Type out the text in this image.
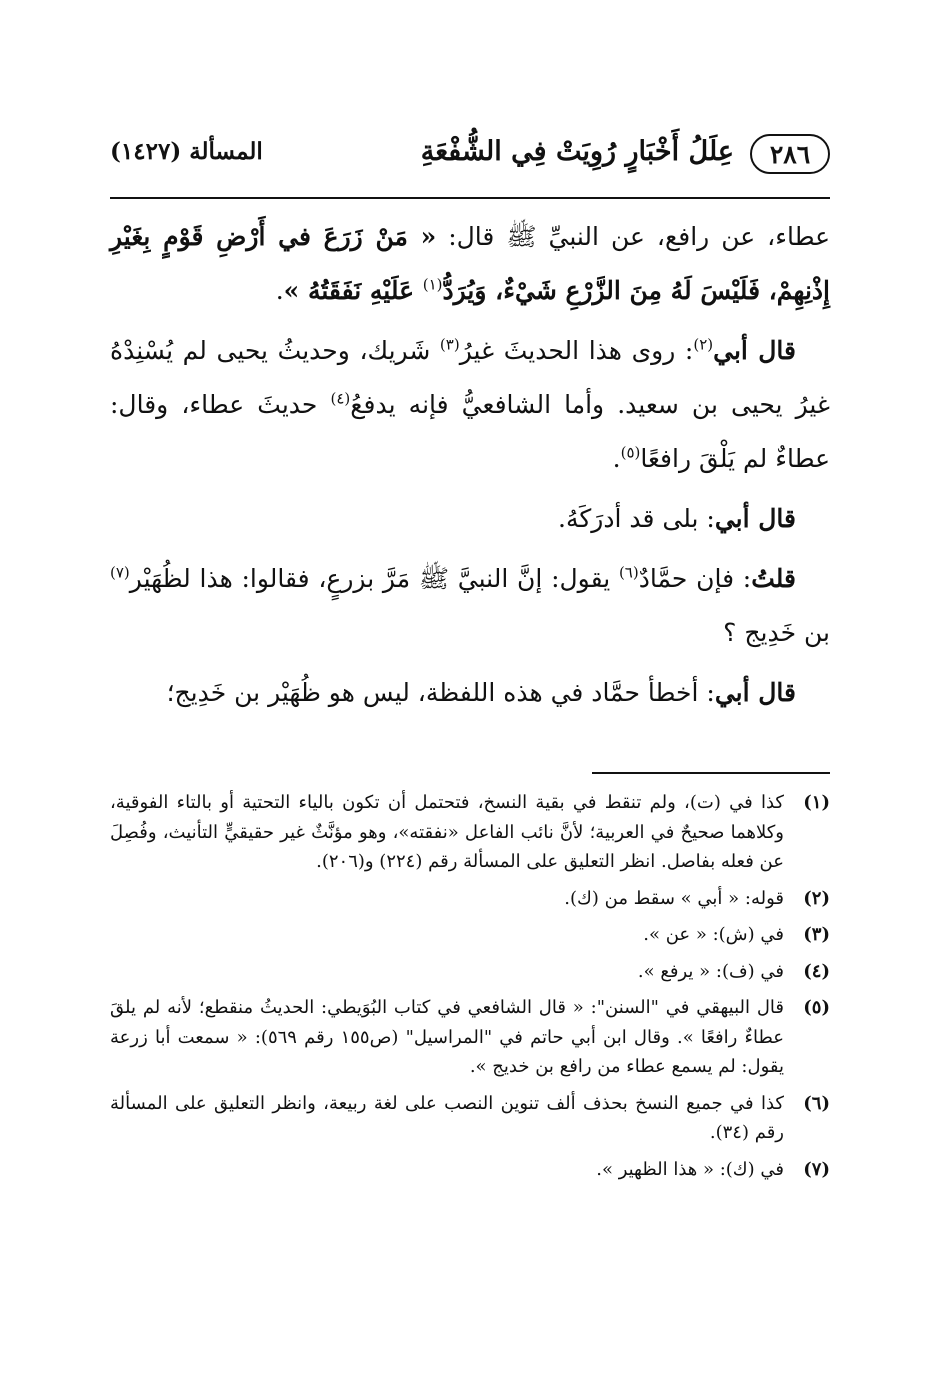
٢٨٦
عِلَلُ أَخْبَارٍ رُوِيَتْ فِي الشُّفْعَةِ
المسألة (١٤٢٧)

عطاء، عن رافع، عن النبيِّ ﷺ قال: « مَنْ زَرَعَ في أَرْضِ قَوْمٍ بِغَيْرِ إِذْنِهِمْ، فَلَيْسَ لَهُ مِنَ الزَّرْعِ شَيْءٌ، وَيُرَدُّ$^{(١)}$ عَلَيْهِ نَفَقَتُهُ ».

قال أبي$^{(٢)}$: روى هذا الحديثَ غيرُ$^{(٣)}$ شَريك، وحديثُ يحيى لم يُسْنِدْهُ غيرُ يحيى بن سعيد. وأما الشافعيُّ فإنه يدفعُ$^{(٤)}$ حديثَ عطاء، وقال: عطاءٌ لم يَلْقَ رافعًا$^{(٥)}$.

قال أبي: بلى قد أدرَكَهُ.

قلتُ: فإن حمَّادٌ$^{(٦)}$ يقول: إنَّ النبيَّ ﷺ مَرَّ بزرعٍ، فقالوا: هذا لظُهَيْر$^{(٧)}$ بن خَدِيج ؟

قال أبي: أخطأ حمَّاد في هذه اللفظة، ليس هو ظُهَيْر بن خَدِيج؛

(١)
كذا في (ت)، ولم تنقط في بقية النسخ، فتحتمل أن تكون بالياء التحتية أو بالتاء الفوقية، وكلاهما صحيحٌ في العربية؛ لأنَّ نائب الفاعل «نفقته»، وهو مؤنَّثٌ غير حقيقيٍّ التأنيث، وفُصِلَ عن فعله بفاصل. انظر التعليق على المسألة رقم (٢٢٤) و(٢٠٦).
(٢)
قوله: « أبي » سقط من (ك).
(٣)
في (ش): « عن ».
(٤)
في (ف): « يرفع ».
(٥)
قال البيهقي في "السنن": « قال الشافعي في كتاب البُوَيطي: الحديثُ منقطع؛ لأنه لم يلقَ عطاءٌ رافعًا ». وقال ابن أبي حاتم في "المراسيل" (ص١٥٥ رقم ٥٦٩): « سمعت أبا زرعة يقول: لم يسمع عطاء من رافع بن خديج ».
(٦)
كذا في جميع النسخ بحذف ألف تنوين النصب على لغة ربيعة، وانظر التعليق على المسألة رقم (٣٤).
(٧)
في (ك): « هذا الظهير ».
